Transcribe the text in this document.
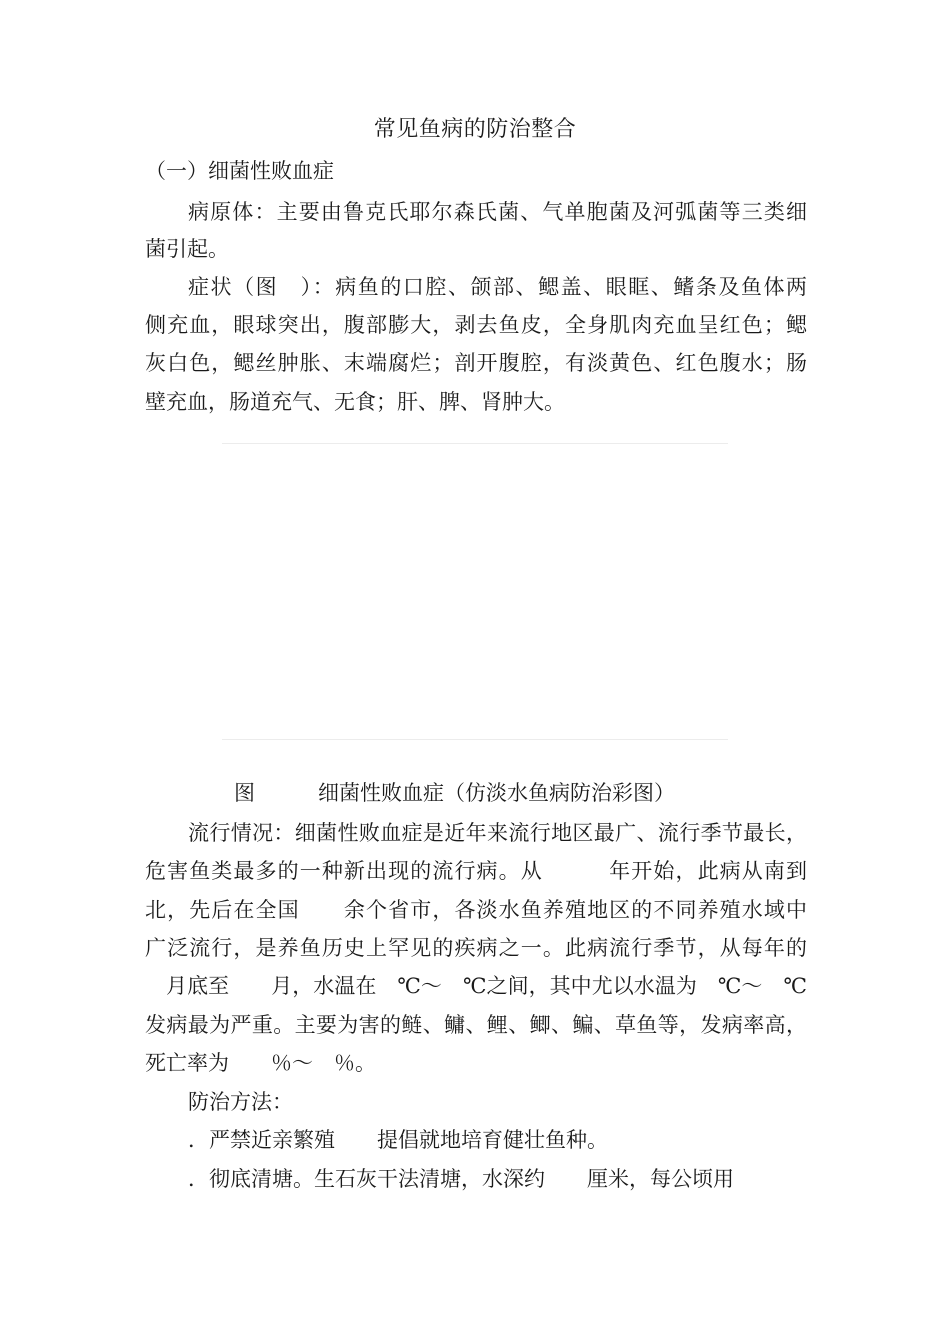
常见鱼病的防治整合
（一）细菌性败血症
病原体：主要由鲁克氏耶尔森氏菌、气单胞菌及河弧菌等三类细
菌引起。
症状（图　）：病鱼的口腔、颌部、鳃盖、眼眶、鳍条及鱼体两
侧充血，眼球突出，腹部膨大，剥去鱼皮，全身肌肉充血呈红色；鳃
灰白色，鳃丝肿胀、末端腐烂；剖开腹腔，有淡黄色、红色腹水；肠
壁充血，肠道充气、无食；肝、脾、肾肿大。
图	细菌性败血症（仿淡水鱼病防治彩图）
流行情况：细菌性败血症是近年来流行地区最广、流行季节最长，
危害鱼类最多的一种新出现的流行病。从　　　年开始，此病从南到
北，先后在全国　　余个省市，各淡水鱼养殖地区的不同养殖水域中
广泛流行，是养鱼历史上罕见的疾病之一。此病流行季节，从每年的
　月底至　　月，水温在　℃～　℃之间，其中尤以水温为　℃～　℃
发病最为严重。主要为害的鲢、鳙、鲤、鲫、鳊、草鱼等，发病率高，
死亡率为　　％～　％。
防治方法：
．严禁近亲繁殖　　提倡就地培育健壮鱼种。
．彻底清塘。生石灰干法清塘，水深约　　厘米，每公顷用
